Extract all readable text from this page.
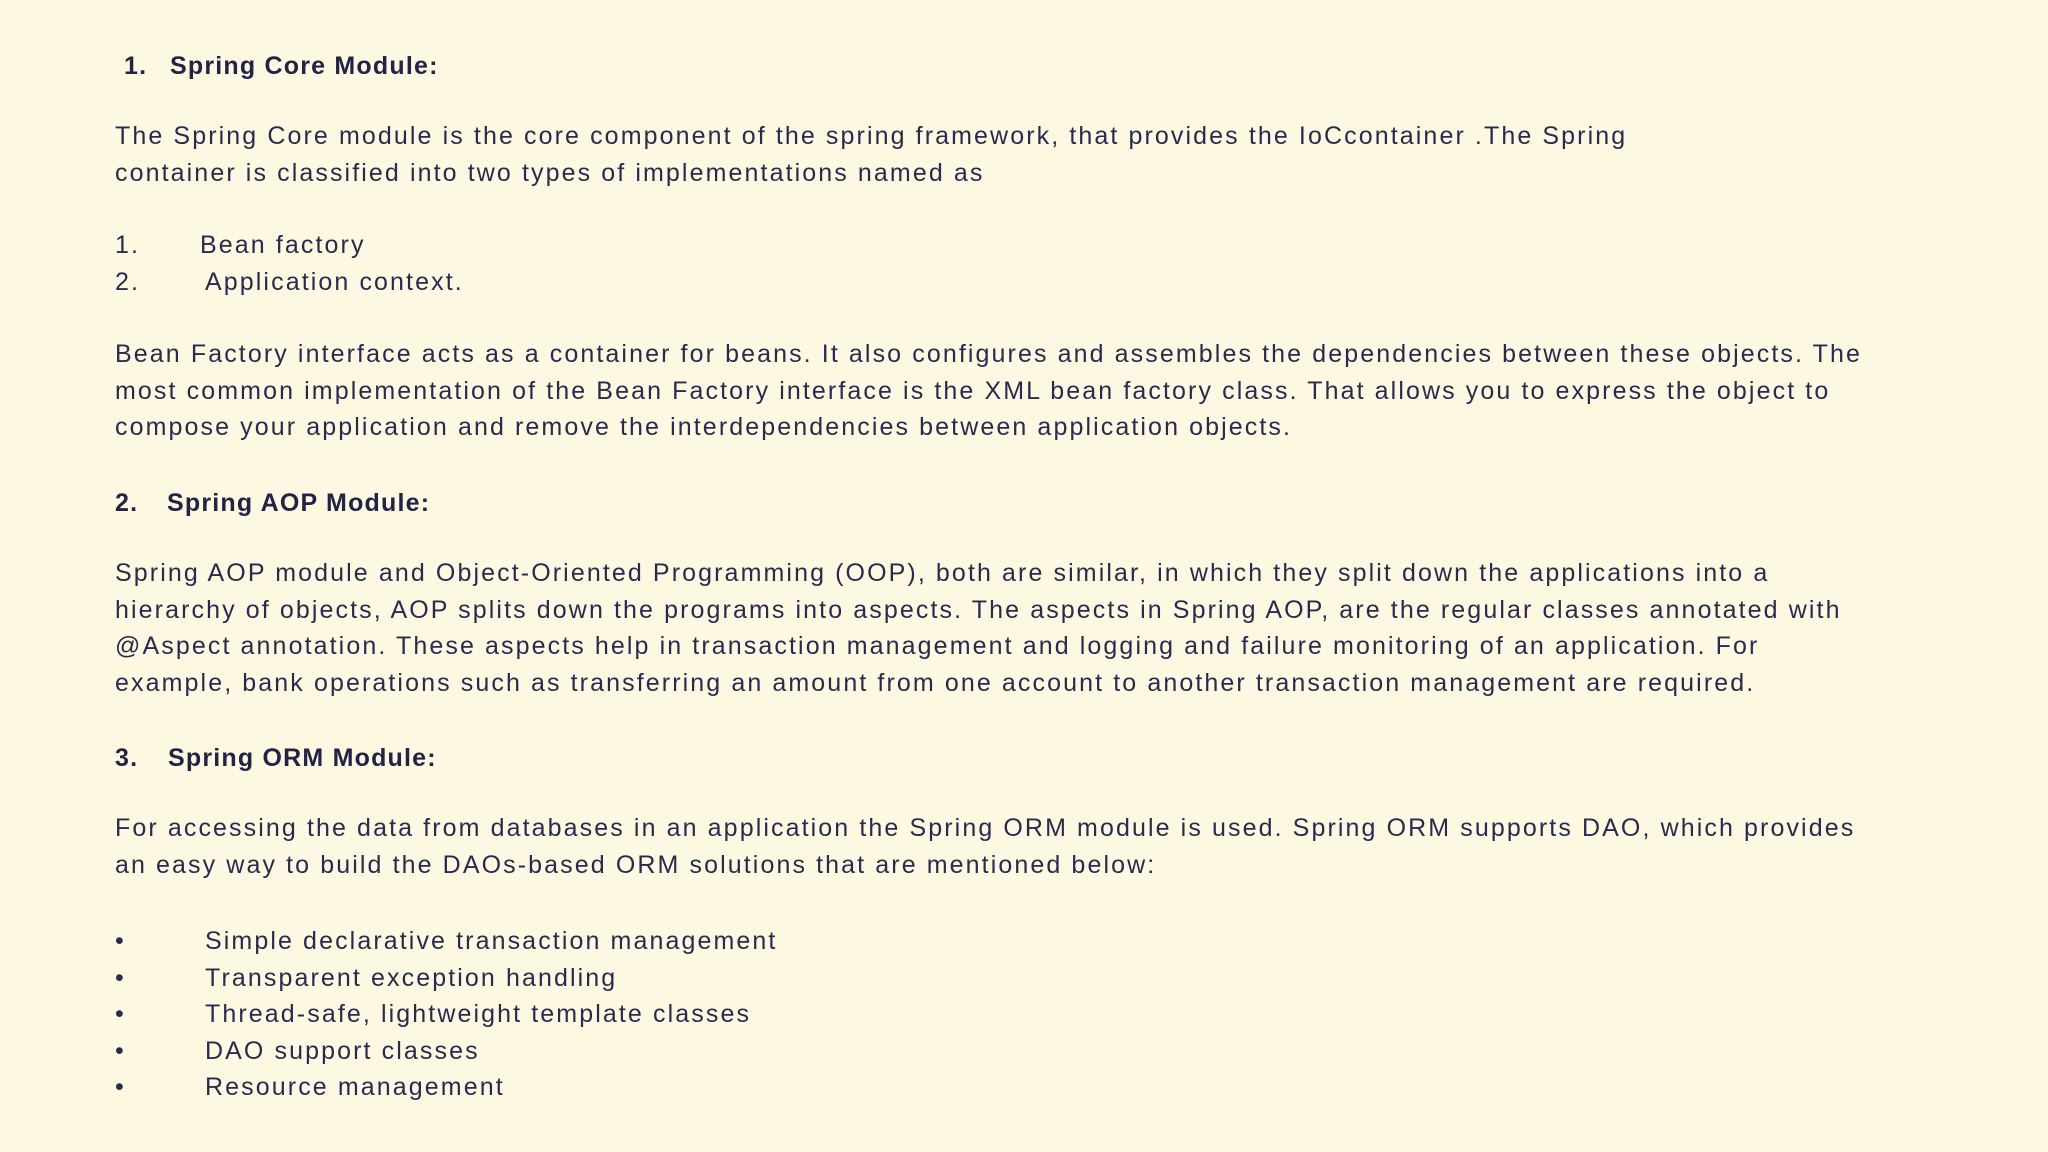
1. Spring Core Module:
The Spring Core module is the core component of the spring framework, that provides the IoCcontainer .The Spring
container is classified into two types of implementations named as
1. Bean factory
2.	Application context.
Bean Factory interface acts as a container for beans. It also configures and assembles the dependencies between these objects. The
most common implementation of the Bean Factory interface is the XML bean factory class. That allows you to express the object to
compose your application and remove the interdependencies between application objects.
2. Spring AOP Module:
Spring AOP module and Object-Oriented Programming (OOP), both are similar, in which they split down the applications into a
hierarchy of objects, AOP splits down the programs into aspects. The aspects in Spring AOP, are the regular classes annotated with
@Aspect annotation. These aspects help in transaction management and logging and failure monitoring of an application. For
example, bank operations such as transferring an amount from one account to another transaction management are required.
3. Spring ORM Module:
For accessing the data from databases in an application the Spring ORM module is used. Spring ORM supports DAO, which provides
an easy way to build the DAOs-based ORM solutions that are mentioned below:
•	Simple declarative transaction management
•	Transparent exception handling
•	Thread-safe, lightweight template classes
•	DAO support classes
•	Resource management
